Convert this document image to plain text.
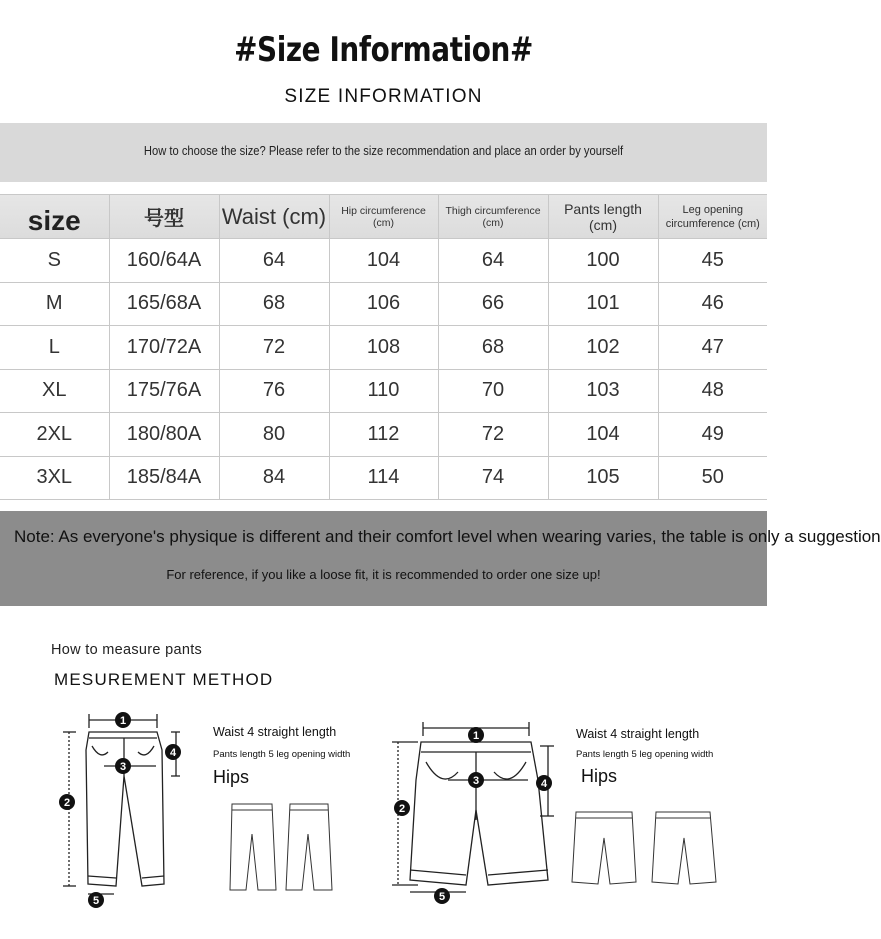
#Size Information#
SIZE INFORMATION
How to choose the size? Please refer to the size recommendation and place an order by yourself
size	号型	Waist (cm)	Hip circumference (cm)	Thigh circumference (cm)	Pants length (cm)	Leg opening circumference (cm)
S	160/64A	64	104	64	100	45
M	165/68A	68	106	66	101	46
L	170/72A	72	108	68	102	47
XL	175/76A	76	110	70	103	48
2XL	180/80A	80	112	72	104	49
3XL	185/84A	84	114	74	105	50
Note: As everyone's physique is different and their comfort level when wearing varies, the table is only a suggestion
For reference, if you like a loose fit, it is recommended to order one size up!
How to measure pants
MESUREMENT METHOD
1
2
3
4
5
Waist 4 straight length
Pants length 5 leg opening width
Hips
1
2
3	4
5
Waist 4 straight length
Pants length 5 leg opening width
Hips
